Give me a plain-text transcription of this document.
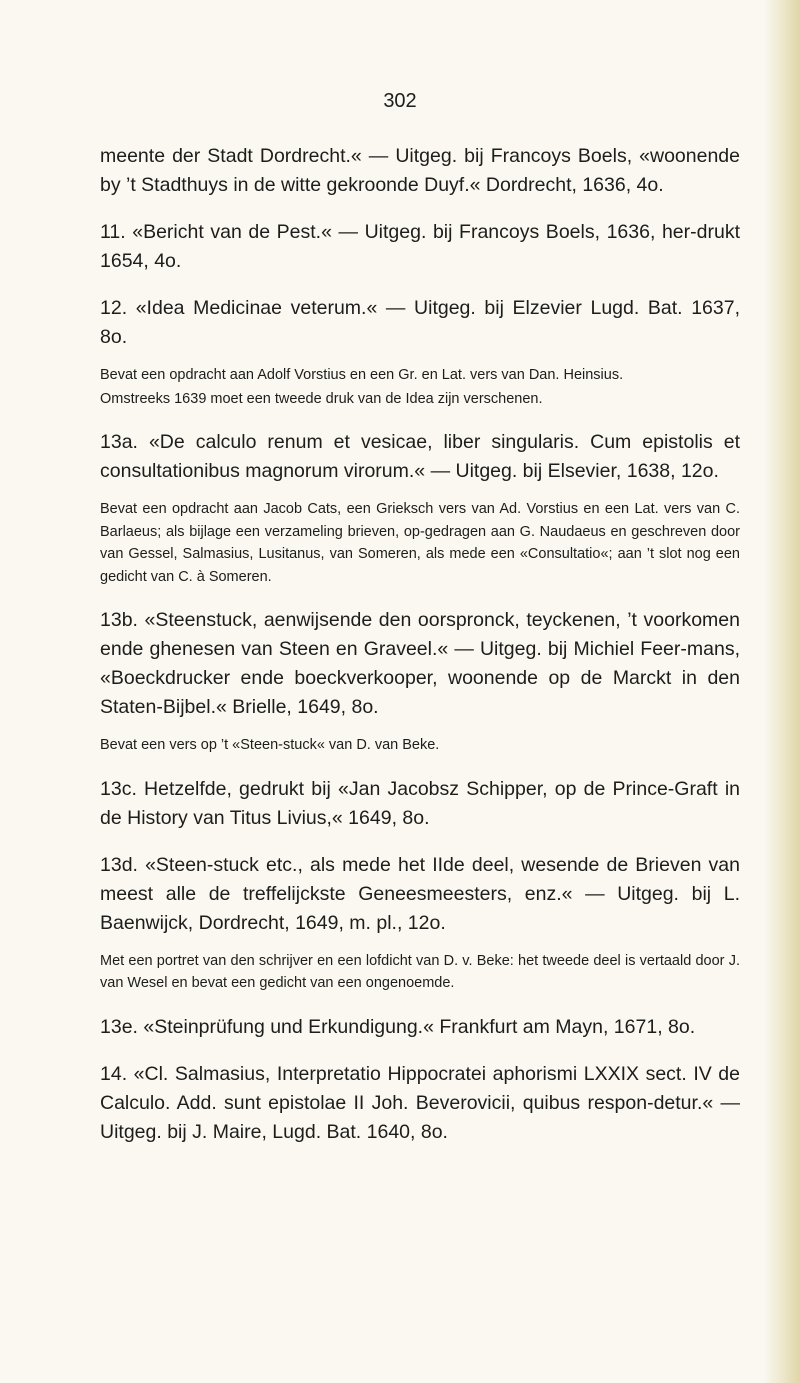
302

meente der Stadt Dordrecht.« — Uitgeg. bij Francoys Boels, «woonende by ’t Stadthuys in de witte gekroonde Duyf.« Dordrecht, 1636, 4o.

11. «Bericht van de Pest.« — Uitgeg. bij Francoys Boels, 1636, her-drukt 1654, 4o.

12. «Idea Medicinae veterum.« — Uitgeg. bij Elzevier Lugd. Bat. 1637, 8o.

Bevat een opdracht aan Adolf Vorstius en een Gr. en Lat. vers van Dan. Heinsius.

Omstreeks 1639 moet een tweede druk van de Idea zijn verschenen.

13a. «De calculo renum et vesicae, liber singularis. Cum epistolis et consultationibus magnorum virorum.« — Uitgeg. bij Elsevier, 1638, 12o.

Bevat een opdracht aan Jacob Cats, een Grieksch vers van Ad. Vorstius en een Lat. vers van C. Barlaeus; als bijlage een verzameling brieven, op-gedragen aan G. Naudaeus en geschreven door van Gessel, Salmasius, Lusitanus, van Someren, als mede een «Consultatio«; aan ’t slot nog een gedicht van C. à Someren.

13b. «Steenstuck, aenwijsende den oorspronck, teyckenen, ’t voorkomen ende ghenesen van Steen en Graveel.« — Uitgeg. bij Michiel Feer-mans, «Boeckdrucker ende boeckverkooper, woonende op de Marckt in den Staten-Bijbel.« Brielle, 1649, 8o.

Bevat een vers op ’t «Steen-stuck« van D. van Beke.

13c. Hetzelfde, gedrukt bij «Jan Jacobsz Schipper, op de Prince-Graft in de History van Titus Livius,« 1649, 8o.

13d. «Steen-stuck etc., als mede het IIde deel, wesende de Brieven van meest alle de treffelijckste Geneesmeesters, enz.« — Uitgeg. bij L. Baenwijck, Dordrecht, 1649, m. pl., 12o.

Met een portret van den schrijver en een lofdicht van D. v. Beke: het tweede deel is vertaald door J. van Wesel en bevat een gedicht van een ongenoemde.

13e. «Steinprüfung und Erkundigung.« Frankfurt am Mayn, 1671, 8o.

14. «Cl. Salmasius, Interpretatio Hippocratei aphorismi LXXIX sect. IV de Calculo. Add. sunt epistolae II Joh. Beverovicii, quibus respon-detur.« — Uitgeg. bij J. Maire, Lugd. Bat. 1640, 8o.
